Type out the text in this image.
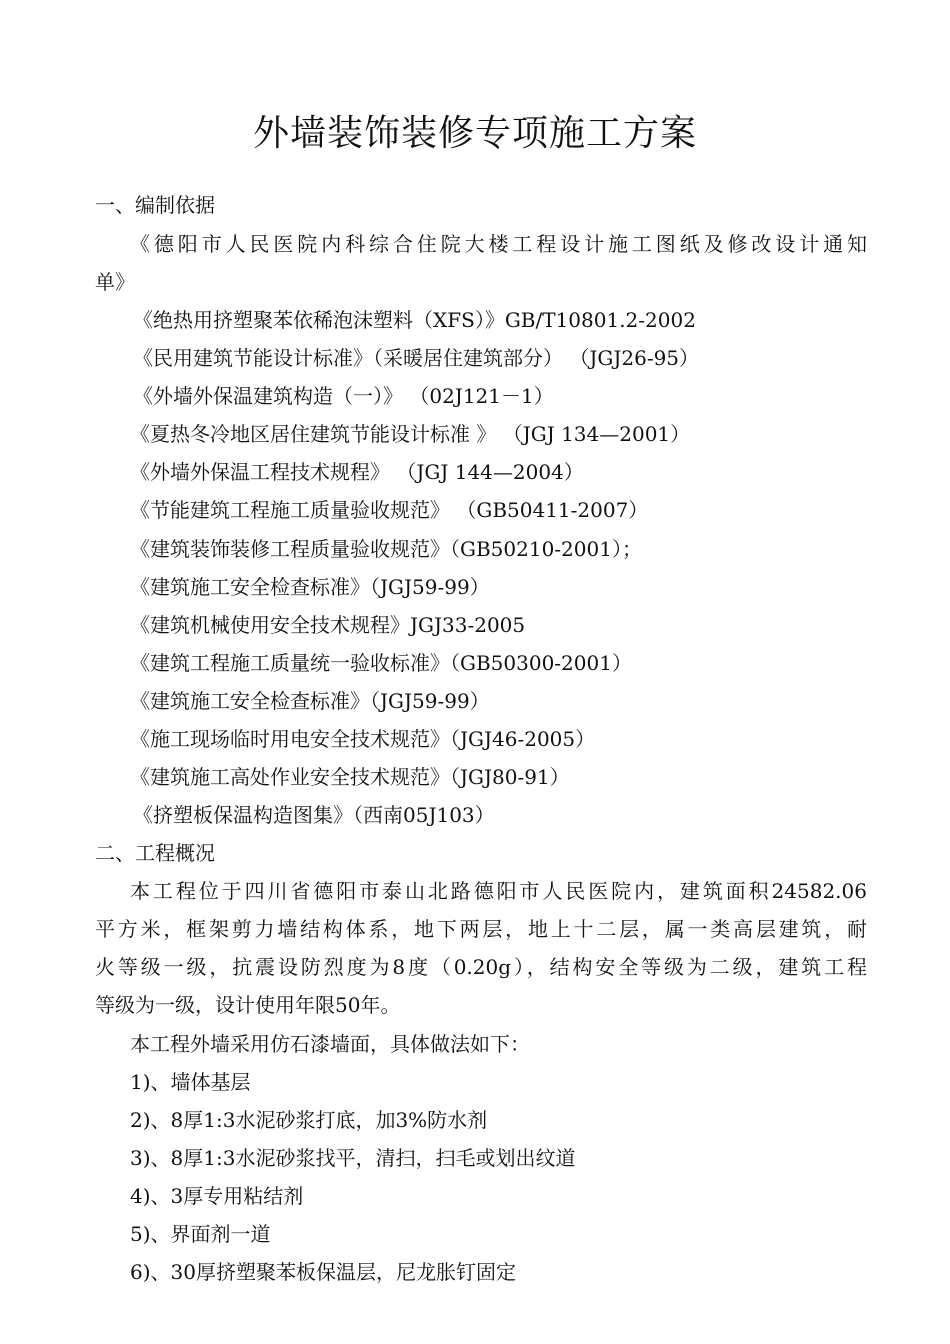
外墙装饰装修专项施工方案
一、编制依据
《德阳市人民医院内科综合住院大楼工程设计施工图纸及修改设计通知
单》
《绝热用挤塑聚苯依稀泡沫塑料（XFS）》GB/T10801.2-2002
《民用建筑节能设计标准》（采暖居住建筑部分） （JGJ26-95）
《外墙外保温建筑构造（一）》 （02J121－1）
《夏热冬冷地区居住建筑节能设计标准 》 （JGJ 134—2001）
《外墙外保温工程技术规程》 （JGJ 144—2004）
《节能建筑工程施工质量验收规范》 （GB50411-2007）
《建筑装饰装修工程质量验收规范》（GB50210-2001）；
《建筑施工安全检查标准》（JGJ59-99）
《建筑机械使用安全技术规程》JGJ33-2005
《建筑工程施工质量统一验收标准》（GB50300-2001）
《建筑施工安全检查标准》（JGJ59-99）
《施工现场临时用电安全技术规范》（JGJ46-2005）
《建筑施工高处作业安全技术规范》（JGJ80-91）
《挤塑板保温构造图集》（西南05J103）
二、工程概况
本工程位于四川省德阳市泰山北路德阳市人民医院内，建筑面积24582.06
平方米，框架剪力墙结构体系，地下两层，地上十二层，属一类高层建筑，耐
火等级一级，抗震设防烈度为8度（0.20g），结构安全等级为二级，建筑工程
等级为一级，设计使用年限50年。
本工程外墙采用仿石漆墙面，具体做法如下：
1)、墙体基层
2)、8厚1:3水泥砂浆打底，加3%防水剂
3)、8厚1:3水泥砂浆找平，清扫，扫毛或划出纹道
4)、3厚专用粘结剂
5)、界面剂一道
6)、30厚挤塑聚苯板保温层，尼龙胀钉固定
